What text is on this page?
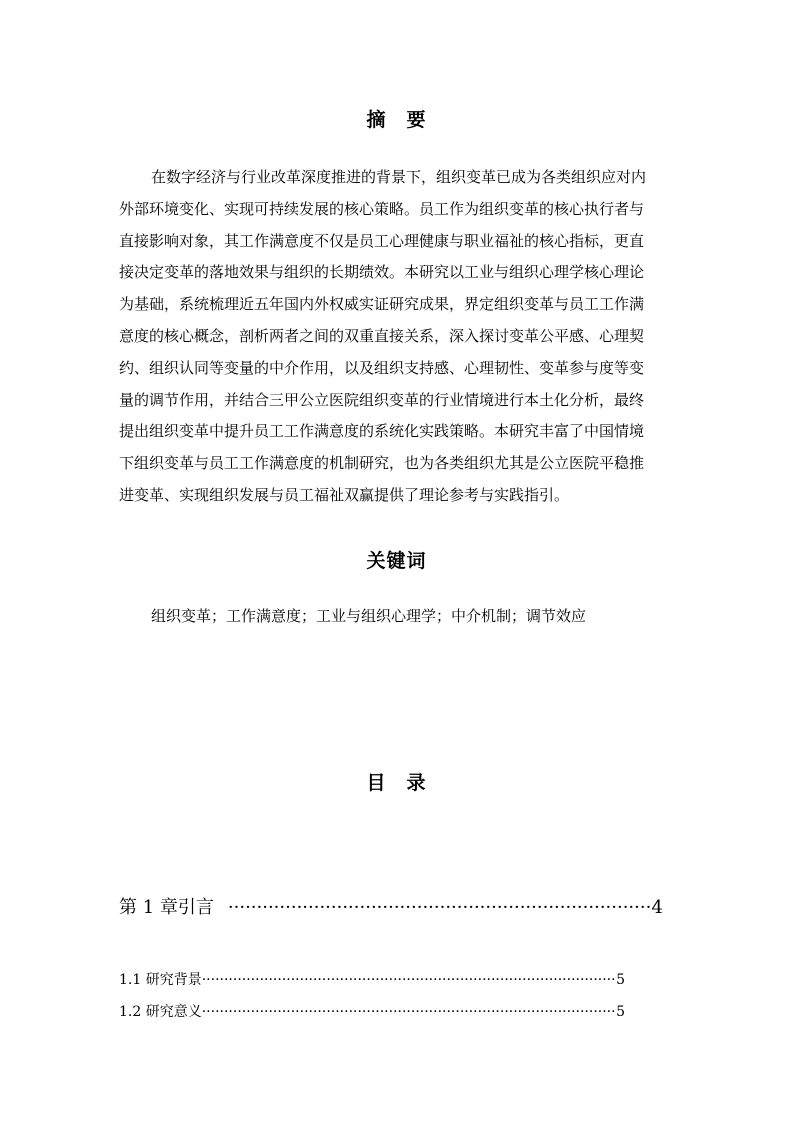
摘　要
在数字经济与行业改革深度推进的背景下，组织变革已成为各类组织应对内
外部环境变化、实现可持续发展的核心策略。员工作为组织变革的核心执行者与
直接影响对象，其工作满意度不仅是员工心理健康与职业福祉的核心指标，更直
接决定变革的落地效果与组织的长期绩效。本研究以工业与组织心理学核心理论
为基础，系统梳理近五年国内外权威实证研究成果，界定组织变革与员工工作满
意度的核心概念，剖析两者之间的双重直接关系，深入探讨变革公平感、心理契
约、组织认同等变量的中介作用，以及组织支持感、心理韧性、变革参与度等变
量的调节作用，并结合三甲公立医院组织变革的行业情境进行本土化分析，最终
提出组织变革中提升员工工作满意度的系统化实践策略。本研究丰富了中国情境
下组织变革与员工工作满意度的机制研究，也为各类组织尤其是公立医院平稳推
进变革、实现组织发展与员工福祉双赢提供了理论参考与实践指引。
关键词
组织变革；工作满意度；工业与组织心理学；中介机制；调节效应
目　录
第 1 章引言 ·····	4
1.1 研究背景 ·····	5
1.2 研究意义 ·····	5
